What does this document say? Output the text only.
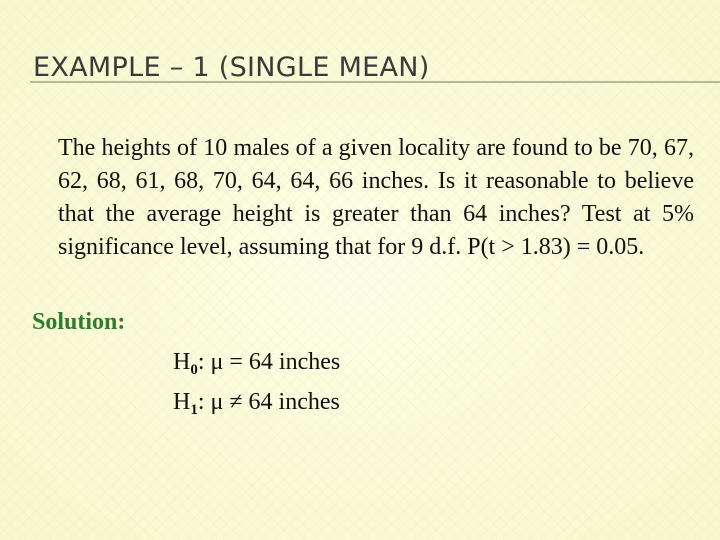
EXAMPLE – 1 (SINGLE MEAN)

The heights of 10 males of a given locality are found to be 70, 67, 62, 68, 61, 68, 70, 64, 64, 66 inches. Is it reasonable to believe that the average height is greater than 64 inches? Test at 5% significance level, assuming that for 9 d.f. P(t > 1.83) = 0.05.

Solution:
$H_0$: μ = 64 inches
$H_1$: μ ≠ 64 inches
